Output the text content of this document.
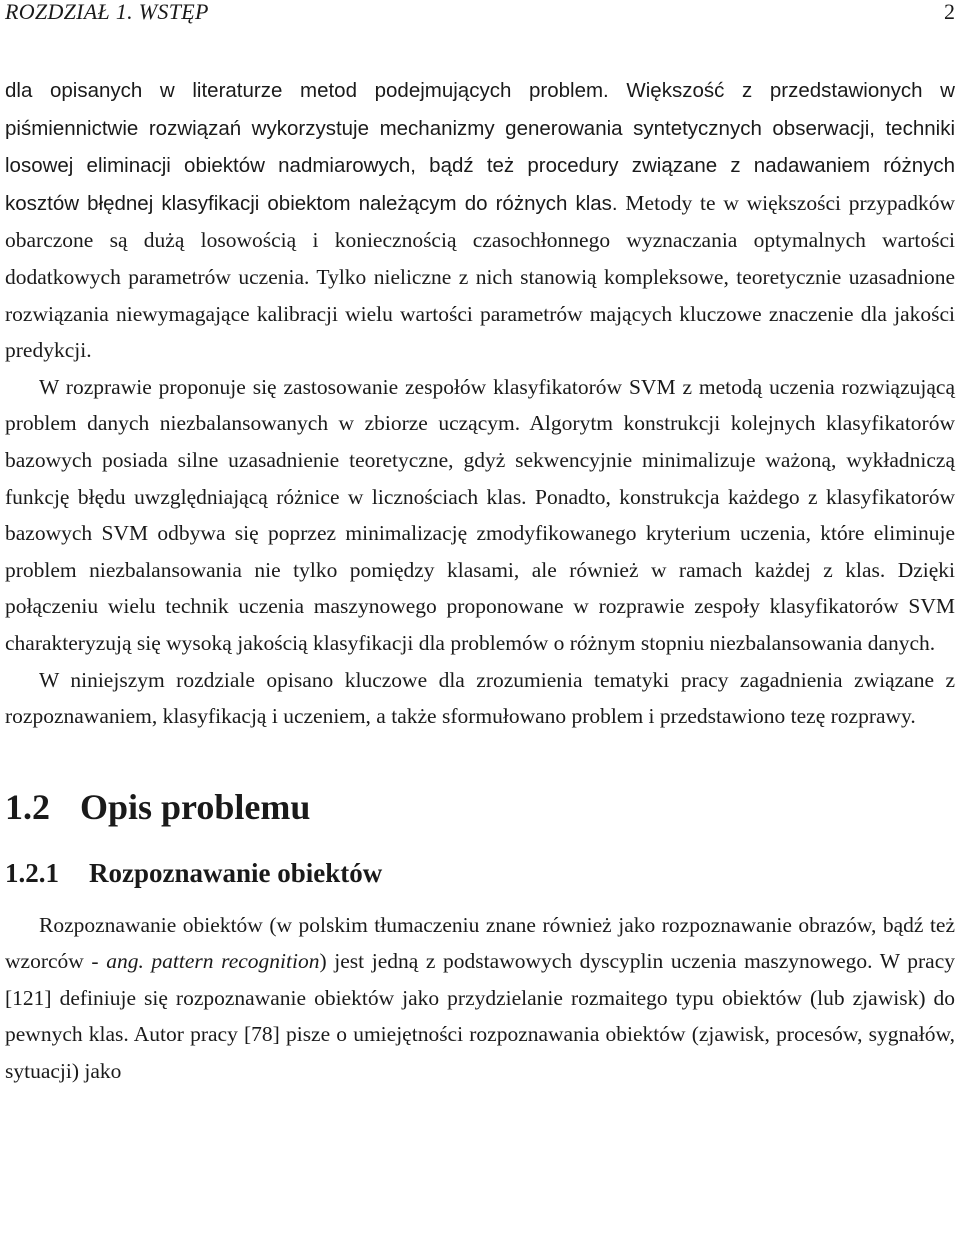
ROZDZIAŁ 1. WSTĘP	2

dla opisanych w literaturze metod podejmujących problem. Większość z przedstawionych w piśmiennictwie rozwiązań wykorzystuje mechanizmy generowania syntetycznych obserwacji, techniki losowej eliminacji obiektów nadmiarowych, bądź też procedury związane z nadawaniem różnych kosztów błędnej klasyfikacji obiektom należącym do różnych klas. Metody te w większości przypadków obarczone są dużą losowością i koniecznością czasochłonnego wyznaczania optymalnych wartości dodatkowych parametrów uczenia. Tylko nieliczne z nich stanowią kompleksowe, teoretycznie uzasadnione rozwiązania niewymagające kalibracji wielu wartości parametrów mających kluczowe znaczenie dla jakości predykcji.

W rozprawie proponuje się zastosowanie zespołów klasyfikatorów SVM z metodą uczenia rozwiązującą problem danych niezbalansowanych w zbiorze uczącym. Algorytm konstrukcji kolejnych klasyfikatorów bazowych posiada silne uzasadnienie teoretyczne, gdyż sekwencyjnie minimalizuje ważoną, wykładniczą funkcję błędu uwzględniającą różnice w licznościach klas. Ponadto, konstrukcja każdego z klasyfikatorów bazowych SVM odbywa się poprzez minimalizację zmodyfikowanego kryterium uczenia, które eliminuje problem niezbalansowania nie tylko pomiędzy klasami, ale również w ramach każdej z klas. Dzięki połączeniu wielu technik uczenia maszynowego proponowane w rozprawie zespoły klasyfikatorów SVM charakteryzują się wysoką jakością klasyfikacji dla problemów o różnym stopniu niezbalansowania danych.

W niniejszym rozdziale opisano kluczowe dla zrozumienia tematyki pracy zagadnienia związane z rozpoznawaniem, klasyfikacją i uczeniem, a także sformułowano problem i przedstawiono tezę rozprawy.

1.2 Opis problemu
1.2.1 Rozpoznawanie obiektów

Rozpoznawanie obiektów (w polskim tłumaczeniu znane również jako rozpoznawanie obrazów, bądź też wzorców - ang. pattern recognition) jest jedną z podstawowych dyscyplin uczenia maszynowego. W pracy [121] definiuje się rozpoznawanie obiektów jako przydzielanie rozmaitego typu obiektów (lub zjawisk) do pewnych klas. Autor pracy [78] pisze o umiejętności rozpoznawania obiektów (zjawisk, procesów, sygnałów, sytuacji) jako
